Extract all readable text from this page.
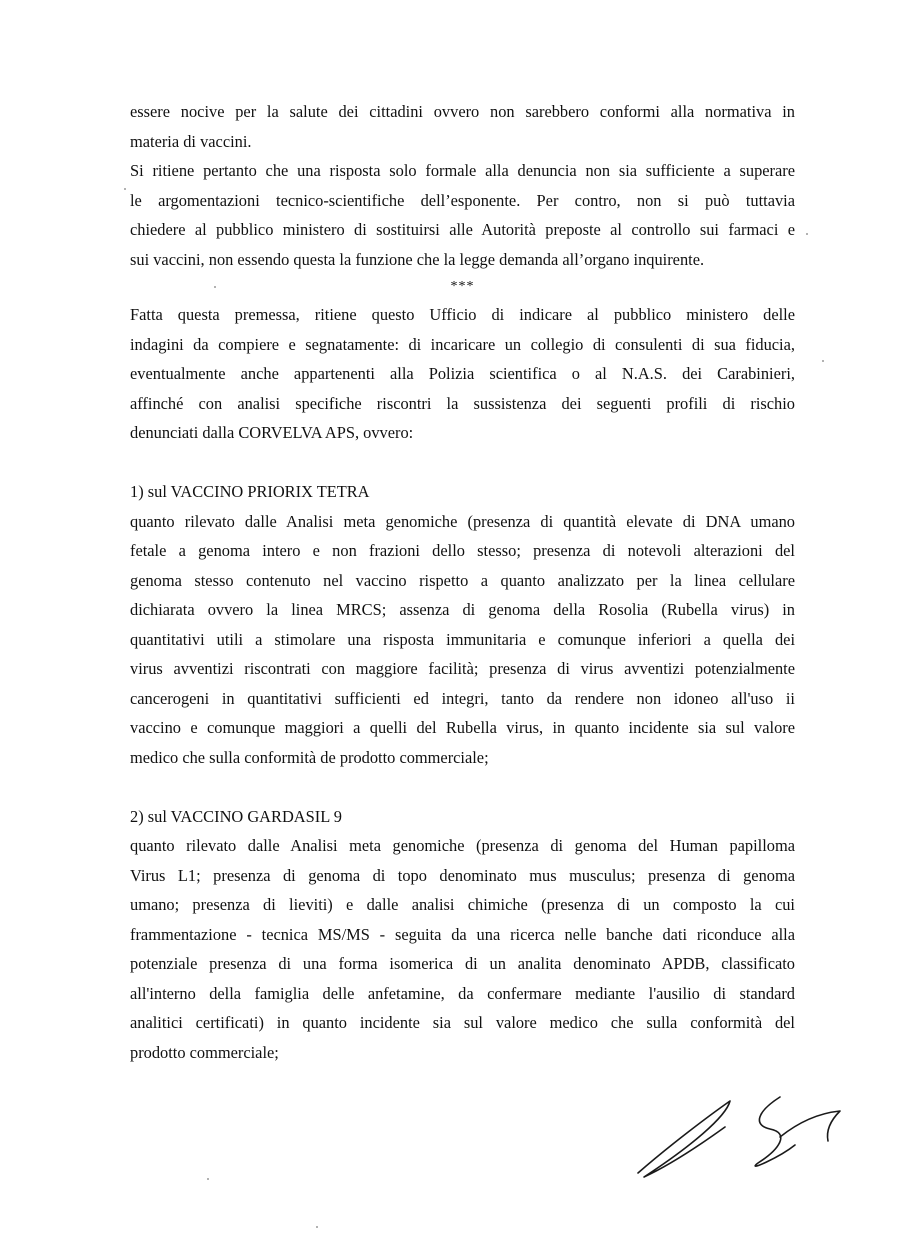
essere nocive per la salute dei cittadini ovvero non sarebbero conformi alla normativa in
materia di vaccini.

Si ritiene pertanto che una risposta solo formale alla denuncia non sia sufficiente a superare
le argomentazioni tecnico-scientifiche dell’esponente. Per contro, non si può tuttavia
chiedere al pubblico ministero di sostituirsi alle Autorità preposte al controllo sui farmaci e
sui vaccini, non essendo questa la funzione che la legge demanda all’organo inquirente.

***

Fatta questa premessa, ritiene questo Ufficio di indicare al pubblico ministero delle
indagini da compiere e segnatamente: di incaricare un collegio di consulenti di sua fiducia,
eventualmente anche appartenenti alla Polizia scientifica o al N.A.S. dei Carabinieri,
affinché con analisi specifiche riscontri la sussistenza dei seguenti profili di rischio
denunciati dalla CORVELVA APS, ovvero:

1) sul VACCINO PRIORIX TETRA

quanto rilevato dalle Analisi meta genomiche (presenza di quantità elevate di DNA umano
fetale a genoma intero e non frazioni dello stesso; presenza di notevoli alterazioni del
genoma stesso contenuto nel vaccino rispetto a quanto analizzato per la linea cellulare
dichiarata ovvero la linea MRCS; assenza di genoma della Rosolia (Rubella virus) in
quantitativi utili a stimolare una risposta immunitaria e comunque inferiori a quella dei
virus avventizi riscontrati con maggiore facilità; presenza di virus avventizi potenzialmente
cancerogeni in quantitativi sufficienti ed integri, tanto da rendere non idoneo all'uso ii
vaccino e comunque maggiori a quelli del Rubella virus, in quanto incidente sia sul valore
medico che sulla conformità de prodotto commerciale;

2) sul VACCINO GARDASIL 9

quanto rilevato dalle Analisi meta genomiche (presenza di genoma del Human papilloma
Virus L1; presenza di genoma di topo denominato mus musculus; presenza di genoma
umano; presenza di lieviti) e dalle analisi chimiche (presenza di un composto la cui
frammentazione - tecnica MS/MS - seguita da una ricerca nelle banche dati riconduce alla
potenziale presenza di una forma isomerica di un analita denominato APDB, classificato
all'interno della famiglia delle anfetamine, da confermare mediante l'ausilio di standard
analitici certificati) in quanto incidente sia sul valore medico che sulla conformità del
prodotto commerciale;
